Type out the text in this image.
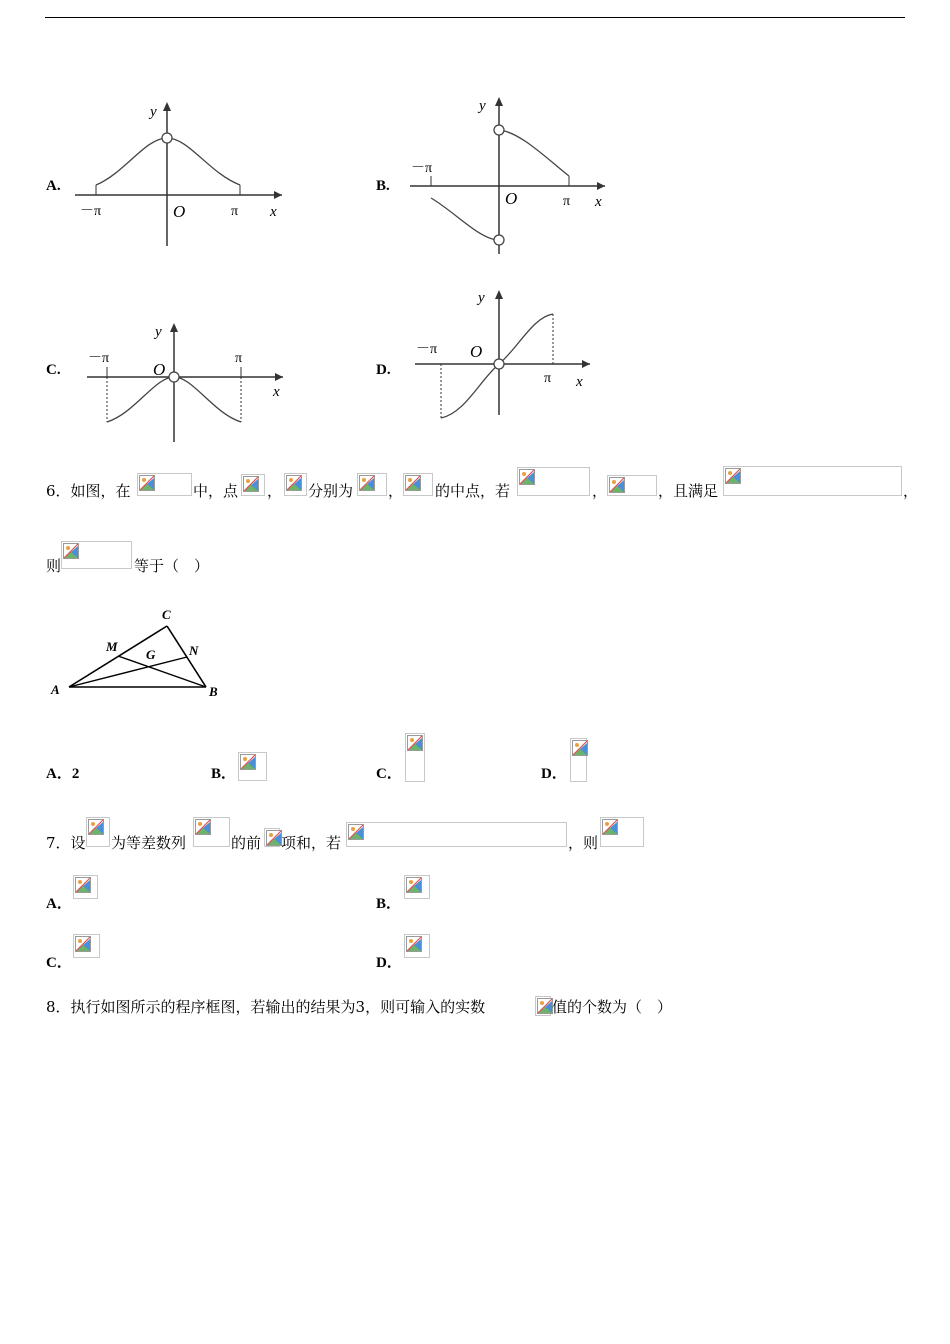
A.
y
x
O
－π	π
B.
y
x
O
－π
π
C.
y
x
O
－π	π
D.
y
x
O
－π
π
6．如图，在	中，点 ， 分别为 ， 的中点，若	，	，且满足	，
则	等于（　）
C
M
G	N
A	B
A．2	B．	C．	D．
7．设 为等差数列	的前 项和，若	，则
A．	B．
C．	D．
8．执行如图所示的程序框图，若输出的结果为3，则可输入的实数	值的个数为（　）
